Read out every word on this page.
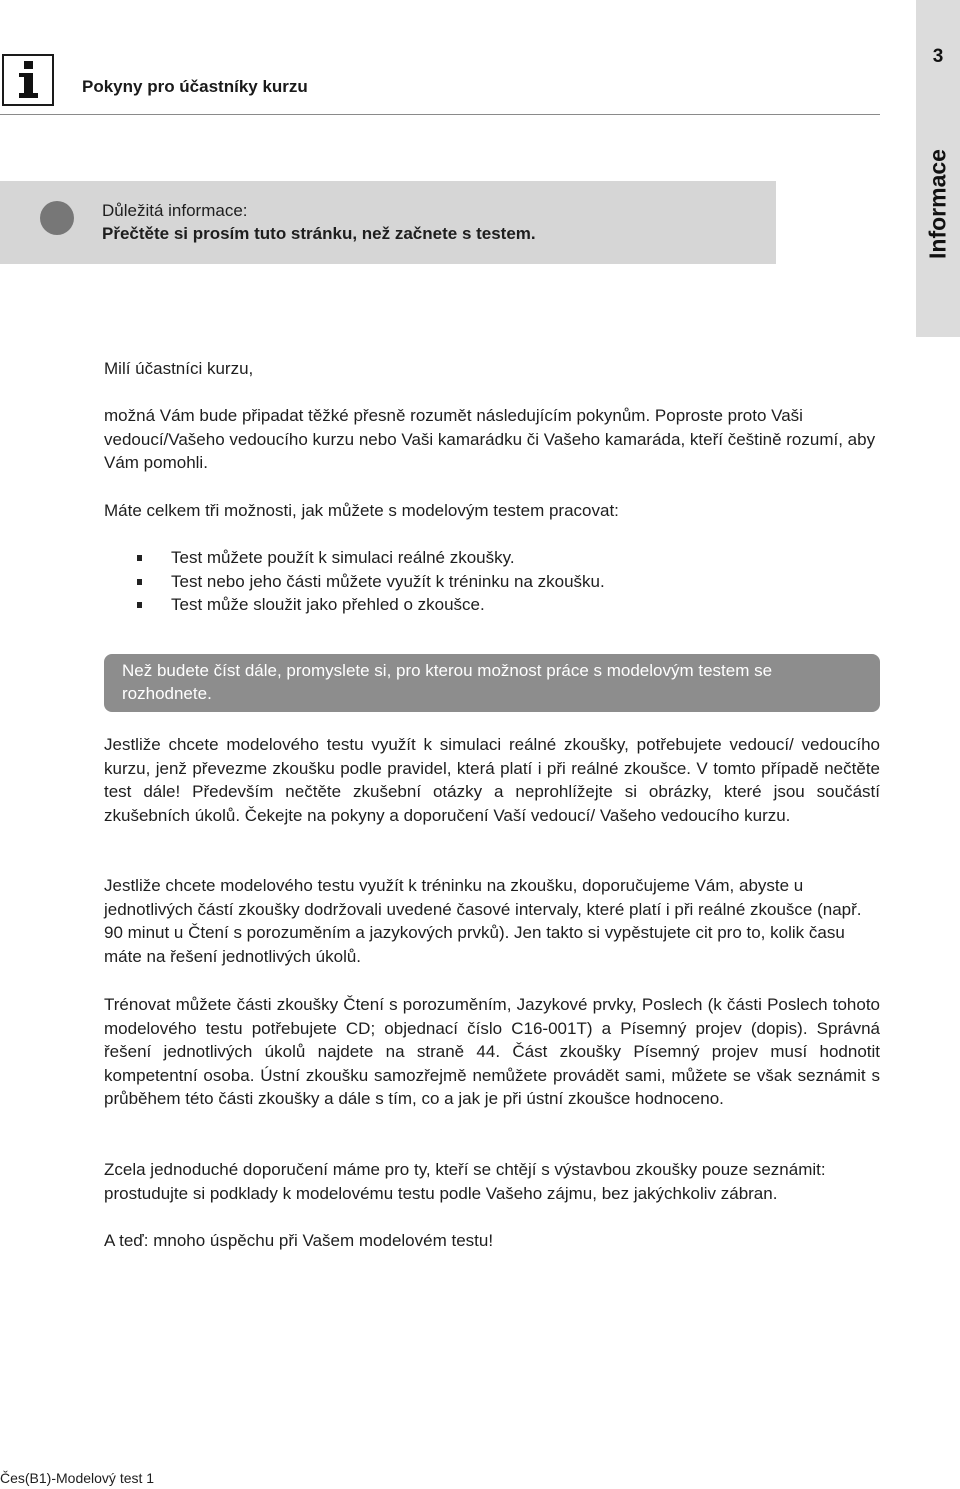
Pokyny pro účastníky kurzu
3
Informace
Důležitá informace:
Přečtěte si prosím tuto stránku, než začnete s testem.

Milí účastníci kurzu,

možná Vám bude připadat těžké přesně rozumět následujícím pokynům. Poproste proto Vaši vedoucí/Vašeho vedoucího kurzu nebo Vaši kamarádku či Vašeho kamaráda, kteří češtině rozumí, aby Vám pomohli.

Máte celkem tři možnosti, jak můžete s modelovým testem pracovat:

Test můžete použít k simulaci reálné zkoušky.
Test nebo jeho části můžete využít k tréninku na zkoušku.
Test může sloužit jako přehled o zkoušce.
Než budete číst dále, promyslete si, pro kterou možnost práce s modelovým testem se rozhodnete.

Jestliže chcete modelového testu využít k simulaci reálné zkoušky, potřebujete vedoucí/ vedoucího kurzu, jenž převezme zkoušku podle pravidel, která platí i při reálné zkoušce. V tomto případě nečtěte test dále! Především nečtěte zkušební otázky a neprohlížejte si obrázky, které jsou součástí zkušebních úkolů. Čekejte na pokyny a doporučení Vaší vedoucí/ Vašeho vedoucího kurzu.

Jestliže chcete modelového testu využít k tréninku na zkoušku, doporučujeme Vám, abyste u jednotlivých částí zkoušky dodržovali uvedené časové intervaly, které platí i při reálné zkoušce (např. 90 minut u Čtení s porozuměním a jazykových prvků). Jen takto si vypěstujete cit pro to, kolik času máte na řešení jednotlivých úkolů.

Trénovat můžete části zkoušky Čtení s porozuměním, Jazykové prvky, Poslech (k části Poslech tohoto modelového testu potřebujete CD; objednací číslo C16-001T) a Písemný projev (dopis). Správná řešení jednotlivých úkolů najdete na straně 44. Část zkoušky Písemný projev musí hodnotit kompetentní osoba. Ústní zkoušku samozřejmě nemůžete provádět sami, můžete se však seznámit s průběhem této části zkoušky a dále s tím, co a jak je při ústní zkoušce hodnoceno.

Zcela jednoduché doporučení máme pro ty, kteří se chtějí s výstavbou zkoušky pouze seznámit: prostudujte si podklady k modelovému testu podle Vašeho zájmu, bez jakýchkoliv zábran.

A teď: mnoho úspěchu při Vašem modelovém testu!

Čes(B1)-Modelový test 1
